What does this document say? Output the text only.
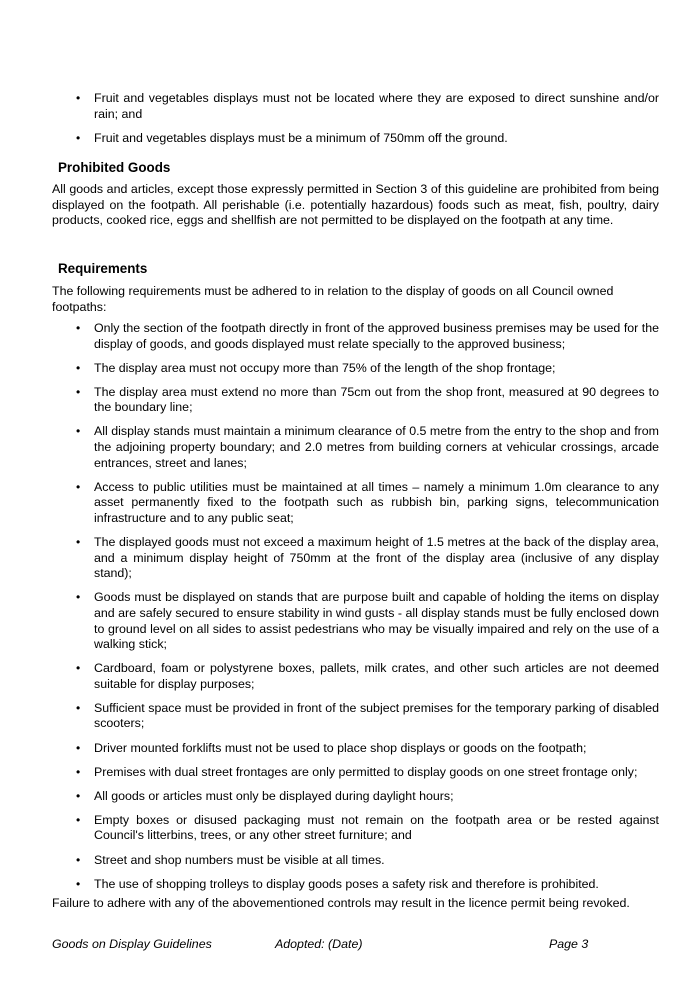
• Fruit and vegetables displays must not be located where they are exposed to direct sunshine and/or rain; and
• Fruit and vegetables displays must be a minimum of 750mm off the ground.
Prohibited Goods

All goods and articles, except those expressly permitted in Section 3 of this guideline are prohibited from being displayed on the footpath. All perishable (i.e. potentially hazardous) foods such as meat, fish, poultry, dairy products, cooked rice, eggs and shellfish are not permitted to be displayed on the footpath at any time.

Requirements

The following requirements must be adhered to in relation to the display of goods on all Council owned footpaths:

• Only the section of the footpath directly in front of the approved business premises may be used for the display of goods, and goods displayed must relate specially to the approved business;
• The display area must not occupy more than 75% of the length of the shop frontage;
• The display area must extend no more than 75cm out from the shop front, measured at 90 degrees to the boundary line;
• All display stands must maintain a minimum clearance of 0.5 metre from the entry to the shop and from the adjoining property boundary; and 2.0 metres from building corners at vehicular crossings, arcade entrances, street and lanes;
• Access to public utilities must be maintained at all times – namely a minimum 1.0m clearance to any asset permanently fixed to the footpath such as rubbish bin, parking signs, telecommunication infrastructure and to any public seat;
• The displayed goods must not exceed a maximum height of 1.5 metres at the back of the display area, and a minimum display height of 750mm at the front of the display area (inclusive of any display stand);
• Goods must be displayed on stands that are purpose built and capable of holding the items on display and are safely secured to ensure stability in wind gusts - all display stands must be fully enclosed down to ground level on all sides to assist pedestrians who may be visually impaired and rely on the use of a walking stick;
• Cardboard, foam or polystyrene boxes, pallets, milk crates, and other such articles are not deemed suitable for display purposes;
• Sufficient space must be provided in front of the subject premises for the temporary parking of disabled scooters;
• Driver mounted forklifts must not be used to place shop displays or goods on the footpath;
• Premises with dual street frontages are only permitted to display goods on one street frontage only;
• All goods or articles must only be displayed during daylight hours;
• Empty boxes or disused packaging must not remain on the footpath area or be rested against Council's litterbins, trees, or any other street furniture; and
• Street and shop numbers must be visible at all times.
• The use of shopping trolleys to display goods poses a safety risk and therefore is prohibited.

Failure to adhere with any of the abovementioned controls may result in the licence permit being revoked.

Goods on Display Guidelines	Adopted: (Date)	Page 3
